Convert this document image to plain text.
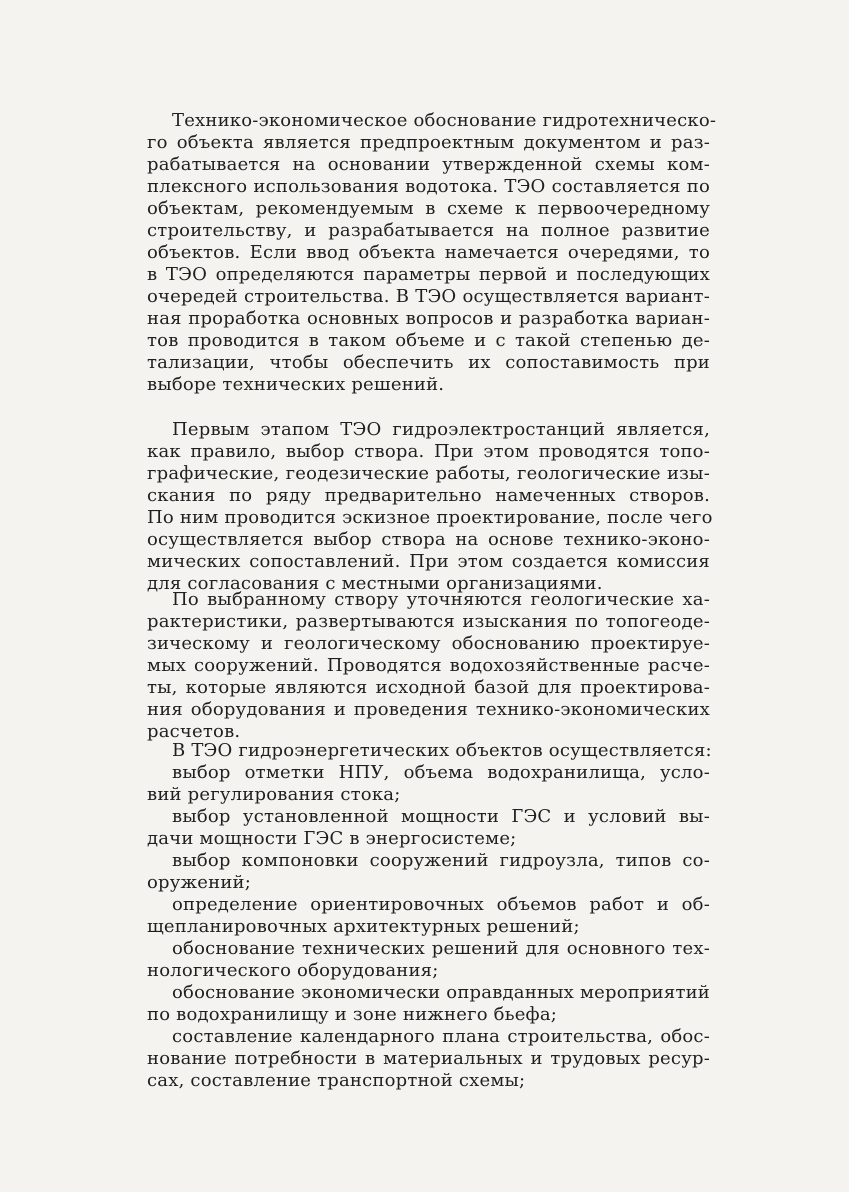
Технико-экономическое обоснование гидротехническо-
го объекта является предпроектным документом и раз-
рабатывается на основании утвержденной схемы ком-
плексного использования водотока. ТЭО составляется по
объектам, рекомендуемым в схеме к первоочередному
строительству, и разрабатывается на полное развитие
объектов. Если ввод объекта намечается очередями, то
в ТЭО определяются параметры первой и последующих
очередей строительства. В ТЭО осуществляется вариант-
ная проработка основных вопросов и разработка вариан-
тов проводится в таком объеме и с такой степенью де-
тализации, чтобы обеспечить их сопоставимость при
выборе технических решений.
Первым этапом ТЭО гидроэлектростанций является,
как правило, выбор створа. При этом проводятся топо-
графические, геодезические работы, геологические изы-
скания по ряду предварительно намеченных створов.
По ним проводится эскизное проектирование, после чего
осуществляется выбор створа на основе технико-эконо-
мических сопоставлений. При этом создается комиссия
для согласования с местными организациями.
По выбранному створу уточняются геологические ха-
рактеристики, развертываются изыскания по топогеоде-
зическому и геологическому обоснованию проектируе-
мых сооружений. Проводятся водохозяйственные расче-
ты, которые являются исходной базой для проектирова-
ния оборудования и проведения технико-экономических
расчетов.
В ТЭО гидроэнергетических объектов осуществляется:
выбор отметки НПУ, объема водохранилища, усло-
вий регулирования стока;
выбор установленной мощности ГЭС и условий вы-
дачи мощности ГЭС в энергосистеме;
выбор компоновки сооружений гидроузла, типов со-
оружений;
определение ориентировочных объемов работ и об-
щепланировочных архитектурных решений;
обоснование технических решений для основного тех-
нологического оборудования;
обоснование экономически оправданных мероприятий
по водохранилищу и зоне нижнего бьефа;
составление календарного плана строительства, обос-
нование потребности в материальных и трудовых ресур-
сах, составление транспортной схемы;
